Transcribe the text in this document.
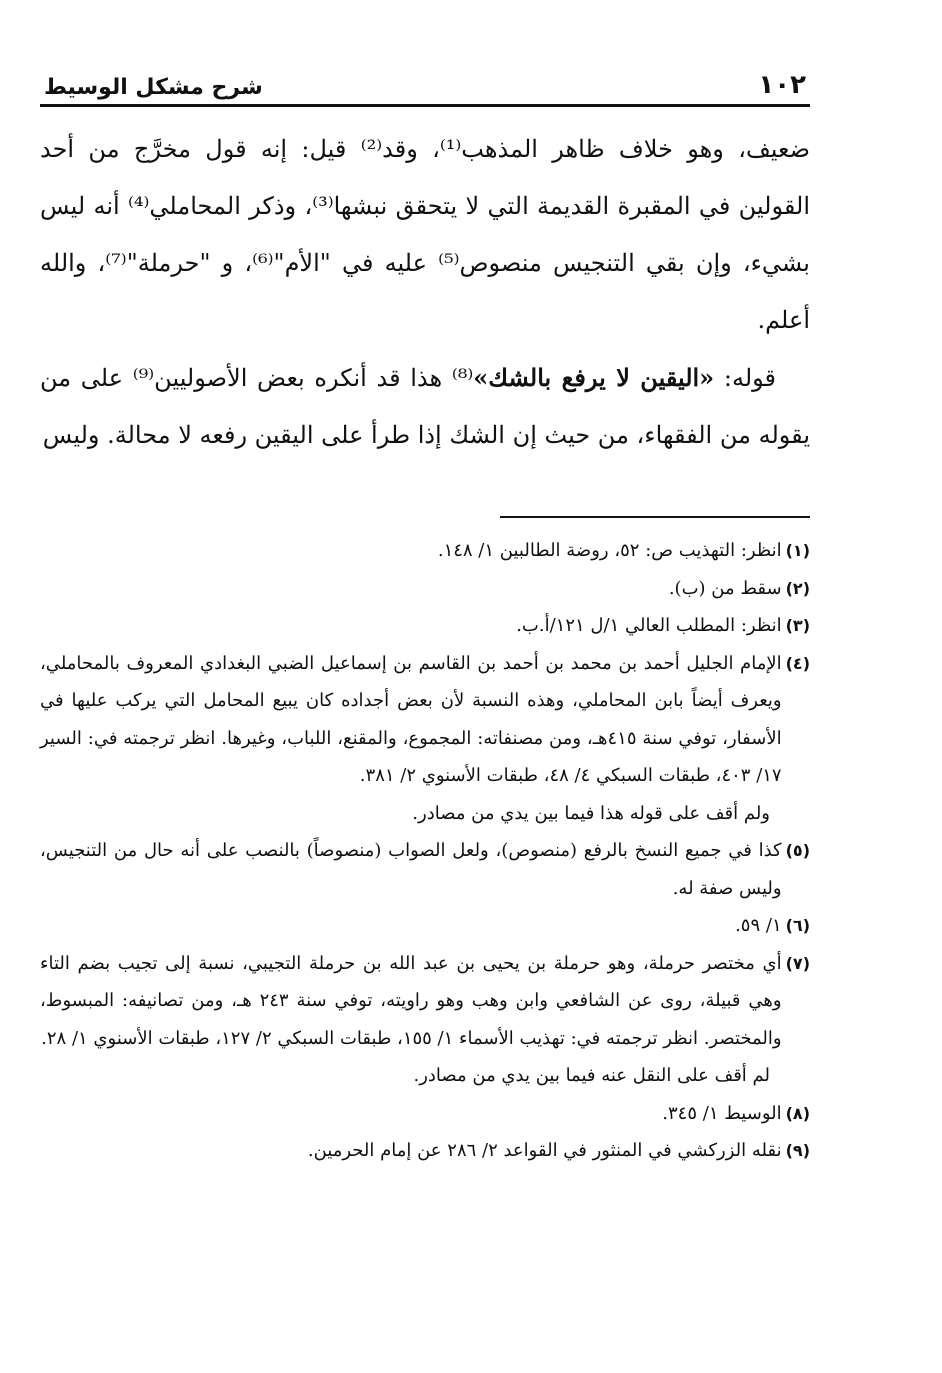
١٠٢
شرح مشكل الوسيط

ضعيف، وهو خلاف ظاهر المذهب⁽¹⁾، وقد⁽²⁾ قيل: إنه قول مخرَّج من أحد القولين في المقبرة القديمة التي لا يتحقق نبشها⁽³⁾، وذكر المحاملي⁽⁴⁾ أنه ليس بشيء، وإن بقي التنجيس منصوص⁽⁵⁾ عليه في "الأم"⁽⁶⁾، و "حرملة"⁽⁷⁾، والله أعلم.

قوله: «اليقين لا يرفع بالشك»⁽⁸⁾ هذا قد أنكره بعض الأصوليين⁽⁹⁾ على من يقوله من الفقهاء، من حيث إن الشك إذا طرأ على اليقين رفعه لا محالة. وليس

(١)
انظر: التهذيب ص: ٥٢، روضة الطالبين ١/ ١٤٨.
(٢)
سقط من (ب).
(٣)
انظر: المطلب العالي ١/ل ١٢١/أ.ب.
(٤)
الإمام الجليل أحمد بن محمد بن أحمد بن القاسم بن إسماعيل الضبي البغدادي المعروف بالمحاملي، ويعرف أيضاً بابن المحاملي، وهذه النسبة لأن بعض أجداده كان يبيع المحامل التي يركب عليها في الأسفار، توفي سنة ٤١٥هـ، ومن مصنفاته: المجموع، والمقنع، اللباب، وغيرها. انظر ترجمته في: السير ١٧/ ٤٠٣، طبقات السبكي ٤/ ٤٨، طبقات الأسنوي ٢/ ٣٨١.
ولم أقف على قوله هذا فيما بين يدي من مصادر.
(٥)
كذا في جميع النسخ بالرفع (منصوص)، ولعل الصواب (منصوصاً) بالنصب على أنه حال من التنجيس، وليس صفة له.
(٦)
١/ ٥٩.
(٧)
أي مختصر حرملة، وهو حرملة بن يحيى بن عبد الله بن حرملة التجيبي، نسبة إلى تجيب بضم التاء وهي قبيلة، روى عن الشافعي وابن وهب وهو راويته، توفي سنة ٢٤٣ هـ، ومن تصانيفه: المبسوط، والمختصر. انظر ترجمته في: تهذيب الأسماء ١/ ١٥٥، طبقات السبكي ٢/ ١٢٧، طبقات الأسنوي ١/ ٢٨.
لم أقف على النقل عنه فيما بين يدي من مصادر.
(٨)
الوسيط ١/ ٣٤٥.
(٩)
نقله الزركشي في المنثور في القواعد ٢/ ٢٨٦ عن إمام الحرمين.
